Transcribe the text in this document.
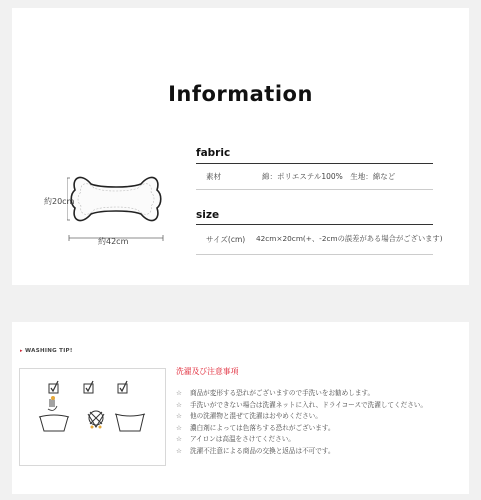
Information
約20cm
約42cm
fabric
素材	綿：ポリエステル100%　生地：綿など
size
サイズ(cm) 42cm×20cm(+、-2cmの誤差がある場合がございます)
▸ WASHING TIP!
洗濯及び注意事項
☆ 商品が変形する恐れがございますので手洗いをお勧めします。
☆ 手洗いができない場合は洗濯ネットに入れ、ドライコースで洗濯してください。
☆ 他の洗濯物と混ぜて洗濯はおやめください。
☆ 濃白剤によっては色落ちする恐れがございます。
☆ アイロンは高温をさけてください。
☆ 洗濯不注意による商品の交換と返品は不可です。
